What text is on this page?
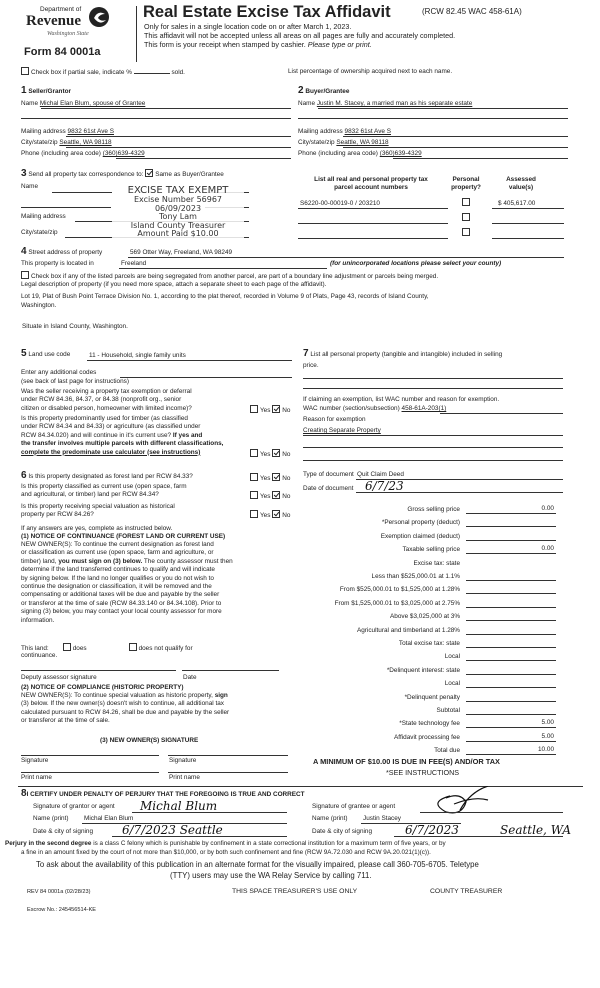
Department of
Revenue
Washington State
Form 84 0001a
Real Estate Excise Tax Affidavit	(RCW 82.45 WAC 458-61A)
Only for sales in a single location code on or after March 1, 2023.
This affidavit will not be accepted unless all areas on all pages are fully and accurately completed.
This form is your receipt when stamped by cashier. Please type or print.
Check box if partial sale, indicate %	sold.	List percentage of ownership acquired next to each name.
1 Seller/Grantor
Name Michal Elan Blum, spouse of Grantee
Mailing address 9832 61st Ave S
City/state/zip Seattle, WA 98118
Phone (including area code) (360)639-4329
2 Buyer/Grantee
Name Justin M. Stacey, a married man as his separate estate
Mailing address 9832 61st Ave S
City/state/zip Seattle, WA 98118
Phone (including area code) (360)639-4329
3 Send all property tax correspondence to: Same as Buyer/Grantee
Name
Mailing address
City/state/zip
EXCISE TAX EXEMPT
Excise Number 56967
06/09/2023
Tony Lam
Island County Treasurer
Amount Paid $10.00
List all real and personal property tax
parcel account numbers
Personal
property?
Assessed
value(s)
S6220-00-00019-0 / 203210	$ 405,617.00
4 Street address of property	569 Otter Way, Freeland, WA 98249
This property is located in	Freeland	(for unincorporated locations please select your county)
Check box if any of the listed parcels are being segregated from another parcel, are part of a boundary line adjustment or parcels being merged.
Legal description of property (if you need more space, attach a separate sheet to each page of the affidavit).
Lot 19, Plat of Bush Point Terrace Division No. 1, according to the plat thereof, recorded in Volume 9 of Plats, Page 43, records of Island County,
Washington.
Situate in Island County, Washington.
5 Land use code	11 - Household, single family units
Enter any additional codes
(see back of last page for instructions)
Was the seller receiving a property tax exemption or deferral
under RCW 84.36, 84.37, or 84.38 (nonprofit org., senior
citizen or disabled person, homeowner with limited income)?	Yes No
Is this property predominantly used for timber (as classified
under RCW 84.34 and 84.33) or agriculture (as classified under
RCW 84.34.020) and will continue in it's current use? If yes and
the transfer involves multiple parcels with different classifications,
complete the predominate use calculator (see instructions)	Yes No
6 Is this property designated as forest land per RCW 84.33?	Yes No
Is this property classified as current use (open space, farm
and agricultural, or timber) land per RCW 84.34?	Yes No
Is this property receiving special valuation as historical
property per RCW 84.26?	Yes No
If any answers are yes, complete as instructed below.
(1) NOTICE OF CONTINUANCE (FOREST LAND OR CURRENT USE)
NEW OWNER(S): To continue the current designation as forest land
or classification as current use (open space, farm and agriculture, or
timber) land, you must sign on (3) below. The county assessor must then
determine if the land transferred continues to qualify and will indicate
by signing below. If the land no longer qualifies or you do not wish to
continue the designation or classification, it will be removed and the
compensating or additional taxes will be due and payable by the seller
or transferor at the time of sale (RCW 84.33.140 or 84.34.108). Prior to
signing (3) below, you may contact your local county assessor for more
information.
This land:	does	does not qualify for
continuance.
Deputy assessor signature	Date
(2) NOTICE OF COMPLIANCE (HISTORIC PROPERTY)
NEW OWNER(S): To continue special valuation as historic property, sign
(3) below. If the new owner(s) doesn't wish to continue, all additional tax
calculated pursuant to RCW 84.26, shall be due and payable by the seller
or transferor at the time of sale.
(3) NEW OWNER(S) SIGNATURE
Signature	Signature
Print name	Print name
7 List all personal property (tangible and intangible) included in selling
price.
If claiming an exemption, list WAC number and reason for exemption.
WAC number (section/subsection) 458-61A-203(1)
Reason for exemption
Creating Separate Property
Type of document Quit Claim Deed
Date of document 6/7/23
Gross selling price	0.00
*Personal property (deduct)
Exemption claimed (deduct)
Taxable selling price	0.00
Excise tax: state
Less than $525,000.01 at 1.1%
From $525,000.01 to $1,525,000 at 1.28%
From $1,525,000.01 to $3,025,000 at 2.75%
Above $3,025,000 at 3%
Agricultural and timberland at 1.28%
Total excise tax: state
Local
*Delinquent interest: state
Local
*Delinquent penalty
Subtotal
*State technology fee	5.00
Affidavit processing fee	5.00
Total due	10.00
A MINIMUM OF $10.00 IS DUE IN FEE(S) AND/OR TAX
*SEE INSTRUCTIONS
8I CERTIFY UNDER PENALTY OF PERJURY THAT THE FOREGOING IS TRUE AND CORRECT
Signature of grantor or agent Michal Blum
Name (print) Michal Elan Blum
Date & city of signing 6/7/2023 Seattle
Signature of grantee or agent
Name (print) Justin Stacey
Date & city of signing	6/7/2023	Seattle, WA
Perjury in the second degree is a class C felony which is punishable by confinement in a state correctional institution for a maximum term of five years, or by
a fine in an amount fixed by the court of not more than $10,000, or by both such confinement and fine (RCW 9A.72.030 and RCW 9A.20.021(1)(c)).
To ask about the availability of this publication in an alternate format for the visually impaired, please call 360-705-6705. Teletype
(TTY) users may use the WA Relay Service by calling 711.
REV 84 0001a (02/28/23)	THIS SPACE TREASURER'S USE ONLY	COUNTY TREASURER
Escrow No.: 245456514-KE
